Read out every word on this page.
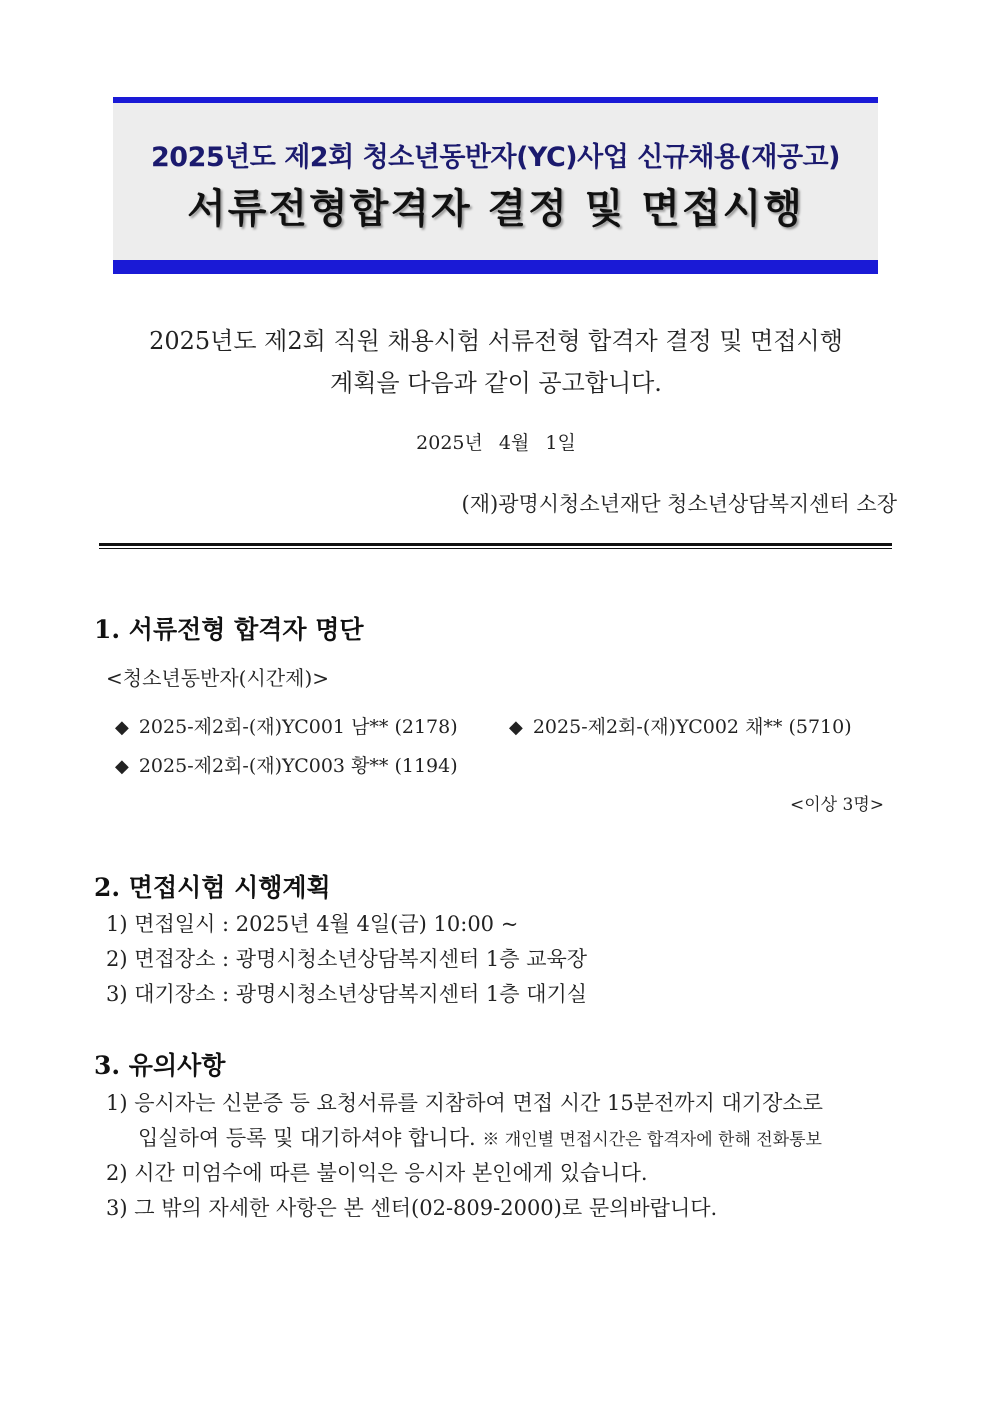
2025년도 제2회 청소년동반자(YC)사업 신규채용(재공고)
서류전형합격자 결정 및 면접시행
2025년도 제2회 직원 채용시험 서류전형 합격자 결정 및 면접시행
계획을 다음과 같이 공고합니다.
2025년 4월 1일
(재)광명시청소년재단 청소년상담복지센터 소장
1. 서류전형 합격자 명단
<청소년동반자(시간제)>
◆ 2025-제2회-(재)YC001 남** (2178)	◆ 2025-제2회-(재)YC002 채** (5710)
◆ 2025-제2회-(재)YC003 황** (1194)
<이상 3명>
2. 면접시험 시행계획
1) 면접일시 : 2025년 4월 4일(금) 10:00 ~
2) 면접장소 : 광명시청소년상담복지센터 1층 교육장
3) 대기장소 : 광명시청소년상담복지센터 1층 대기실
3. 유의사항
1) 응시자는 신분증 등 요청서류를 지참하여 면접 시간 15분전까지 대기장소로
입실하여 등록 및 대기하셔야 합니다. ※ 개인별 면접시간은 합격자에 한해 전화통보
2) 시간 미엄수에 따른 불이익은 응시자 본인에게 있습니다.
3) 그 밖의 자세한 사항은 본 센터(02-809-2000)로 문의바랍니다.
